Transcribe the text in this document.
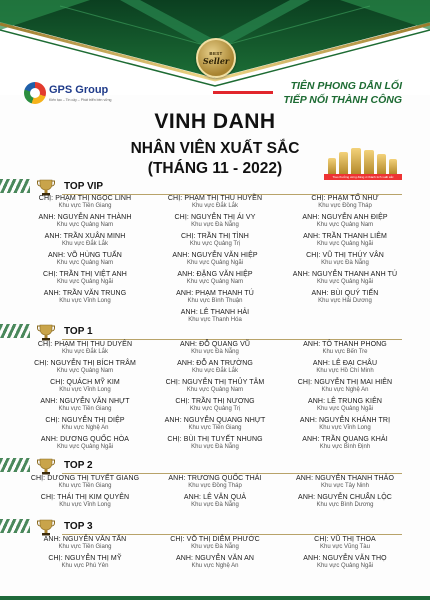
BEST
Seller
GPS Group
Kiến tạo – Tin cậy – Phát triển bền vững
TIÊN PHONG DẪN LỐI
TIẾP NỐI THÀNH CÔNG
VINH DANH
NHÂN VIÊN XUẤT SẮC
(THÁNG 11 - 2022)	Trao thưởng xứng đáng vì thành tích xuất sắc
TOP VIP
CHỊ: PHẠM THỊ NGỌC LINH
Khu vực Tiền Giang
CHỊ: PHẠM THỊ THU HUYỀN
Khu vực Đắk Lắk
CHỊ: PHẠM TỐ NHƯ
Khu vực Đồng Tháp
ANH: NGUYỄN ANH THÀNH
Khu vực Quảng Nam
CHỊ: NGUYỄN THỊ ÁI VY
Khu vực Đà Nẵng
ANH: NGUYỄN ANH ĐIỆP
Khu vực Quảng Nam
ANH: TRẦN XUÂN MINH
Khu vực Đắk Lắk
CHỊ: TRẦN THỊ TÌNH
Khu vực Quảng Trị
ANH: TRẦN THANH LIÊM
Khu vực Quảng Ngãi
ANH: VÕ HÙNG TUẤN
Khu vực Quảng Nam
ANH: NGUYỄN VĂN HIỆP
Khu vực Quảng Ngãi
CHỊ: VŨ THỊ THÚY VÂN
Khu vực Đà Nẵng
CHỊ: TRẦN THỊ VIỆT ANH
Khu vực Quảng Ngãi
ANH: ĐẶNG VĂN HIỆP
Khu vực Quảng Nam
ANH: NGUYỄN THANH ANH TÚ
Khu vực Quảng Ngãi
ANH: TRẦN VĂN TRUNG
Khu vực Vĩnh Long
ANH: PHẠM THANH TÚ
Khu vực Bình Thuận
ANH: BÙI QUÝ TIẾN
Khu vực Hải Dương
ANH: LÊ THANH HẢI
Khu vực Thanh Hóa
TOP 1
CHỊ: PHẠM THỊ THU DUYÊN
Khu vực Đắk Lắk
ANH: ĐỖ QUANG VŨ
Khu vực Đà Nẵng
ANH: TÔ THANH PHONG
Khu vực Bến Tre
CHỊ: NGUYỄN THỊ BÍCH TRÂM
Khu vực Quảng Nam
ANH: ĐỖ AN TRƯỜNG
Khu vực Đắk Lắk
ANH: LÊ ĐẠI CHÂU
Khu vực Hồ Chí Minh
CHỊ: QUÁCH MỸ KIM
Khu vực Vĩnh Long
CHỊ: NGUYỄN THỊ THỦY TÂM
Khu vực Quảng Nam
CHỊ: NGUYỄN THỊ MAI HIÊN
Khu vực Nghệ An
ANH: NGUYỄN VĂN NHỰT
Khu vực Tiền Giang
CHỊ: TRẦN THỊ NƯƠNG
Khu vực Quảng Trị
ANH: LÊ TRUNG KIÊN
Khu vực Quảng Ngãi
CHỊ: NGUYỄN THỊ DIỆP
Khu vực Nghệ An
ANH: NGUYỄN QUANG NHỰT
Khu vực Tiền Giang
ANH: NGUYỄN KHÁNH TRỊ
Khu vực Vĩnh Long
ANH: DƯƠNG QUỐC HÒA
Khu vực Quảng Ngãi
CHỊ: BÙI THỊ TUYẾT NHUNG
Khu vực Đà Nẵng
ANH: TRẦN QUANG KHẢI
Khu vực Bình Định
TOP 2
CHỊ: DƯƠNG THỊ TUYẾT GIANG
Khu vực Tiền Giang
ANH: TRƯƠNG QUỐC THÁI
Khu vực Đồng Tháp
ANH: NGUYỄN THANH THẢO
Khu vực Tây Ninh
CHỊ: THÁI THỊ KIM QUYÊN
Khu vực Vĩnh Long
ANH: LÊ VĂN QUẢ
Khu vực Đà Nẵng
ANH: NGUYỄN CHUẨN LỘC
Khu vực Bình Dương
TOP 3
ANH: NGUYỄN VĂN TẤN
Khu vực Tiền Giang
CHỊ: VÕ THỊ DIỄM PHƯỚC
Khu vực Đà Nẵng
CHỊ: VŨ THỊ THOA
Khu vực Vũng Tàu
CHỊ: NGUYỄN THỊ MỸ
Khu vực Phú Yên
ANH: NGUYỄN VĂN AN
Khu vực Nghệ An
ANH: NGUYỄN VĂN THỌ
Khu vực Quảng Ngãi
